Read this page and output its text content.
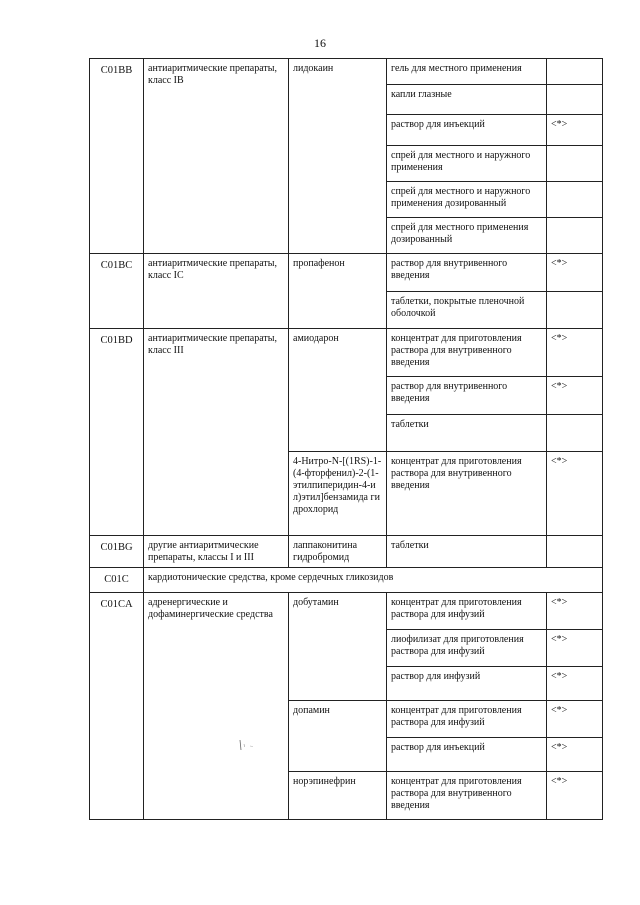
16
C01BB	антиаритмические препараты, класс IB	лидокаин	гель для местного применения	
			капли глазные	
			раствор для инъекций	<*>
			спрей для местного и наружного применения	
			спрей для местного и наружного применения дозированный	
			спрей для местного применения дозированный	
C01BC	антиаритмические препараты, класс IC	пропафенон	раствор для внутривенного введения	<*>
			таблетки, покрытые пленочной оболочкой	
C01BD	антиаритмические препараты, класс III	амиодарон	концентрат для приготовления раствора для внутривенного введения	<*>
			раствор для внутривенного введения	<*>
			таблетки	
		4-Нитро-N-[(1RS)-1-(4-фторфенил)-2-(1-этилпиперидин-4-ил)этил]бензамида гидрохлорид	концентрат для приготовления раствора для внутривенного введения	<*>
C01BG	другие антиаритмические препараты, классы I и III	лаппаконитина гидробромид	таблетки	
C01C	кардиотонические средства, кроме сердечных гликозидов			
C01CA	адренергические и дофаминергические средства	добутамин	концентрат для приготовления раствора для инфузий	<*>
			лиофилизат для приготовления раствора для инфузий	<*>
			раствор для инфузий	<*>
		допамин	концентрат для приготовления раствора для инфузий	<*>
			раствор для инъекций	<*>
		норэпинефрин	концентрат для приготовления раствора для внутривенного введения	<*>
